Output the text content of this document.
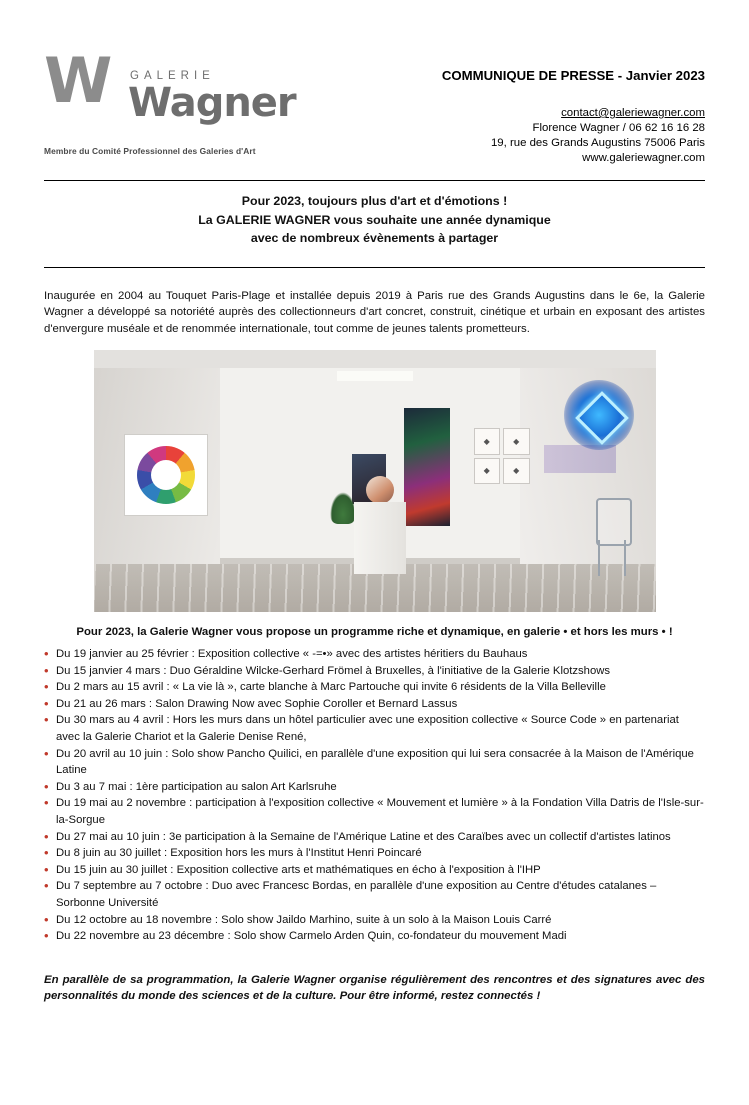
W GALERIE
Wagner
Membre du Comité Professionnel des Galeries d'Art
COMMUNIQUE DE PRESSE - Janvier 2023
contact@galeriewagner.com
Florence Wagner / 06 62 16 16 28
19, rue des Grands Augustins 75006 Paris
www.galeriewagner.com
Pour 2023, toujours plus d'art et d'émotions !
La GALERIE WAGNER vous souhaite une année dynamique
avec de nombreux évènements à partager

Inaugurée en 2004 au Touquet Paris-Plage et installée depuis 2019 à Paris rue des Grands Augustins dans le 6e, la Galerie Wagner a développé sa notoriété auprès des collectionneurs d'art concret, construit, cinétique et urbain en exposant des artistes d'envergure muséale et de renommée internationale, tout comme de jeunes talents prometteurs.

◆	◆
◆	◆
Pour 2023, la Galerie Wagner vous propose un programme riche et dynamique, en galerie • et hors les murs • !
• Du 19 janvier au 25 février : Exposition collective « -=•» avec des artistes héritiers du Bauhaus
• Du 15 janvier 4 mars : Duo Géraldine Wilcke-Gerhard Frömel à Bruxelles, à l'initiative de la Galerie Klotzshows
• Du 2 mars au 15 avril : « La vie là », carte blanche à Marc Partouche qui invite 6 résidents de la Villa Belleville
• Du 21 au 26 mars : Salon Drawing Now avec Sophie Coroller et Bernard Lassus
• Du 30 mars au 4 avril : Hors les murs dans un hôtel particulier avec une exposition collective « Source Code » en partenariat avec la Galerie Chariot et la Galerie Denise René,
• Du 20 avril au 10 juin : Solo show Pancho Quilici, en parallèle d'une exposition qui lui sera consacrée à la Maison de l'Amérique Latine
• Du 3 au 7 mai : 1ère participation au salon Art Karlsruhe
• Du 19 mai au 2 novembre : participation à l'exposition collective « Mouvement et lumière » à la Fondation Villa Datris de l'Isle-sur-la-Sorgue
• Du 27 mai au 10 juin : 3e participation à la Semaine de l'Amérique Latine et des Caraïbes avec un collectif d'artistes latinos
• Du 8 juin au 30 juillet : Exposition hors les murs à l'Institut Henri Poincaré
• Du 15 juin au 30 juillet : Exposition collective arts et mathématiques en écho à l'exposition à l'IHP
• Du 7 septembre au 7 octobre : Duo avec Francesc Bordas, en parallèle d'une exposition au Centre d'études catalanes – Sorbonne Université
• Du 12 octobre au 18 novembre : Solo show Jaildo Marhino, suite à un solo à la Maison Louis Carré
• Du 22 novembre au 23 décembre : Solo show Carmelo Arden Quin, co-fondateur du mouvement Madi

En parallèle de sa programmation, la Galerie Wagner organise régulièrement des rencontres et des signatures avec des personnalités du monde des sciences et de la culture. Pour être informé, restez connectés !
